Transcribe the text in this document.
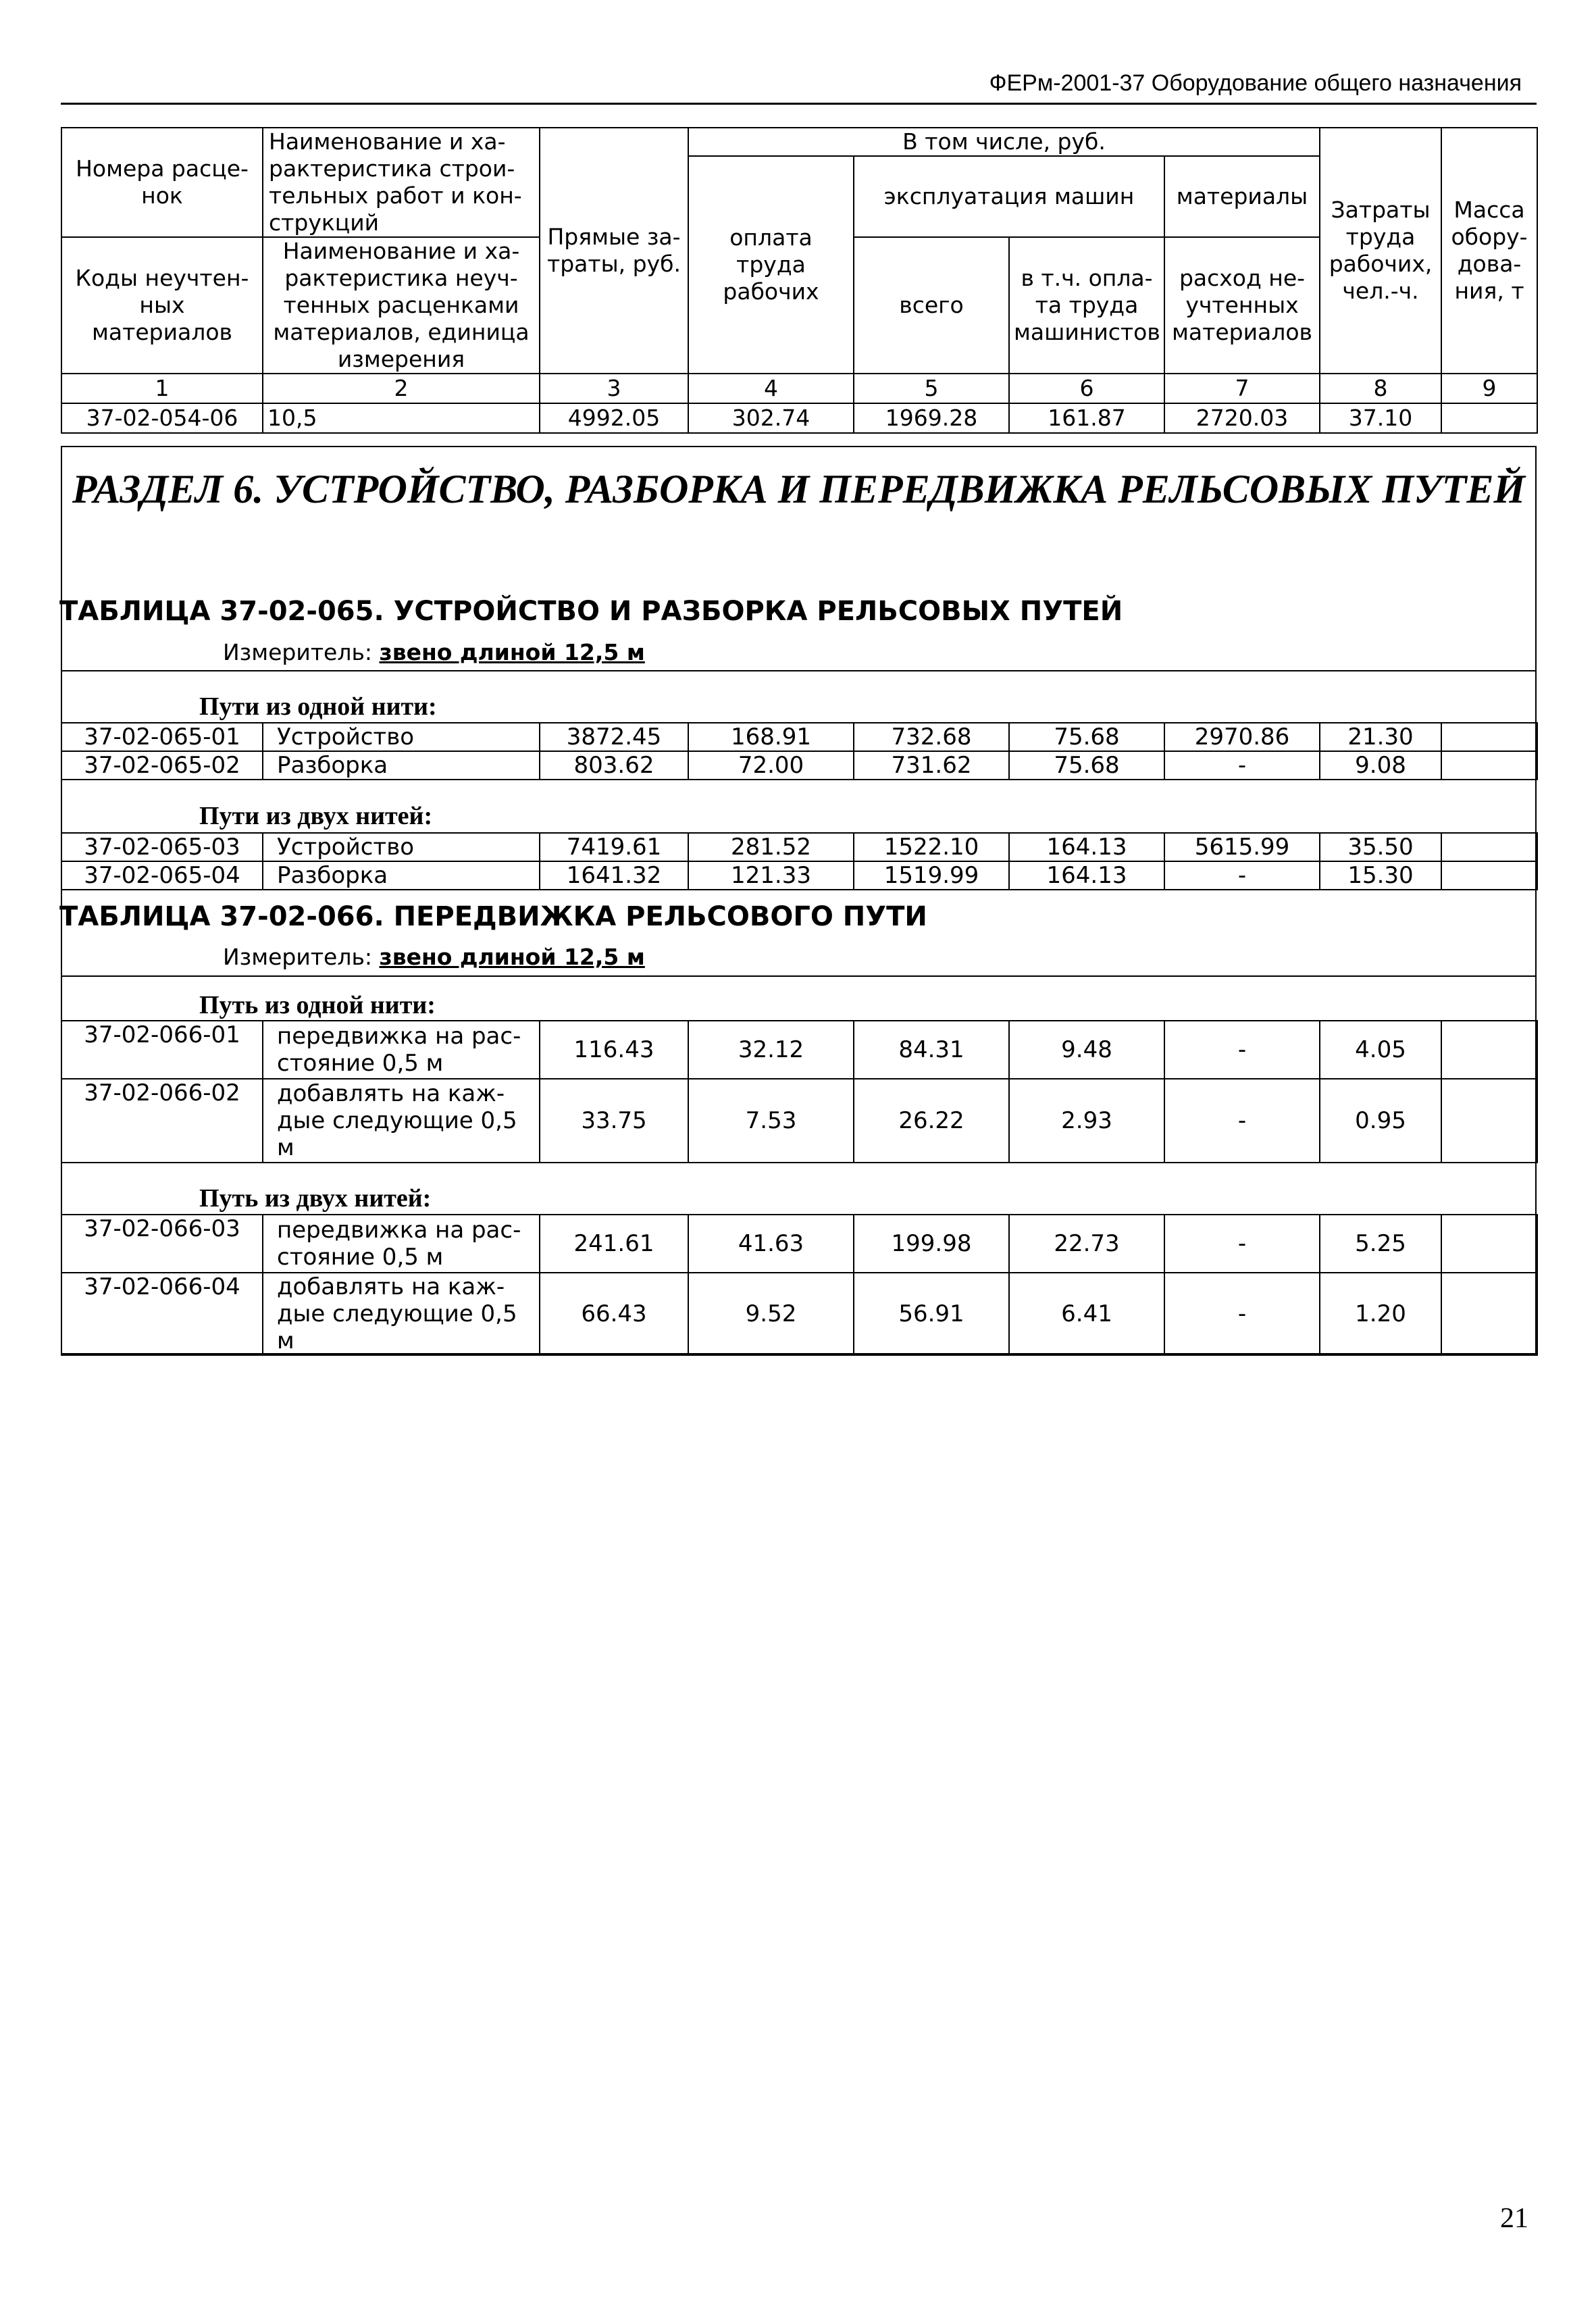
ФЕРм-2001-37 Оборудование общего назначения
Номера расце-нок	Наименование и ха-рактеристика строи-тельных работ и кон-струкций	Прямые за-траты, руб.	В том числе, руб.				Затраты труда рабочих, чел.-ч.	Масса обору-дова-ния, т
			оплата труда рабочих	эксплуатация машин		материалы		

Коды неучтен-ных материалов	Наименование и ха-рактеристика неуч-тенных расценками материалов, единица измерения			всего	в т.ч. опла-та труда машинистов	расход не-учтенных материалов		

1	2	3	4	5	6	7	8	9
37-02-054-06	10,5	4992.05	302.74	1969.28	161.87	2720.03	37.10	
РАЗДЕЛ 6. УСТРОЙСТВО, РАЗБОРКА И ПЕРЕДВИЖКА РЕЛЬСОВЫХ ПУТЕЙ
ТАБЛИЦА 37-02-065. УСТРОЙСТВО И РАЗБОРКА РЕЛЬСОВЫХ ПУТЕЙ
Измеритель: звено длиной 12,5 м
Пути из одной нити:
37-02-065-01	Устройство	3872.45	168.91	732.68	75.68	2970.86	21.30	
37-02-065-02	Разборка	803.62	72.00	731.62	75.68	-	9.08	
Пути из двух нитей:
37-02-065-03	Устройство	7419.61	281.52	1522.10	164.13	5615.99	35.50	
37-02-065-04	Разборка	1641.32	121.33	1519.99	164.13	-	15.30	
ТАБЛИЦА 37-02-066. ПЕРЕДВИЖКА РЕЛЬСОВОГО ПУТИ
Измеритель: звено длиной 12,5 м
Путь из одной нити:
37-02-066-01	передвижка на рас-стояние 0,5 м	116.43	32.12	84.31	9.48	-	4.05	
37-02-066-02	добавлять на каж-дые следующие 0,5 м	33.75	7.53	26.22	2.93	-	0.95	
Путь из двух нитей:
37-02-066-03	передвижка на рас-стояние 0,5 м	241.61	41.63	199.98	22.73	-	5.25	
37-02-066-04	добавлять на каж-дые следующие 0,5 м	66.43	9.52	56.91	6.41	-	1.20	
21
